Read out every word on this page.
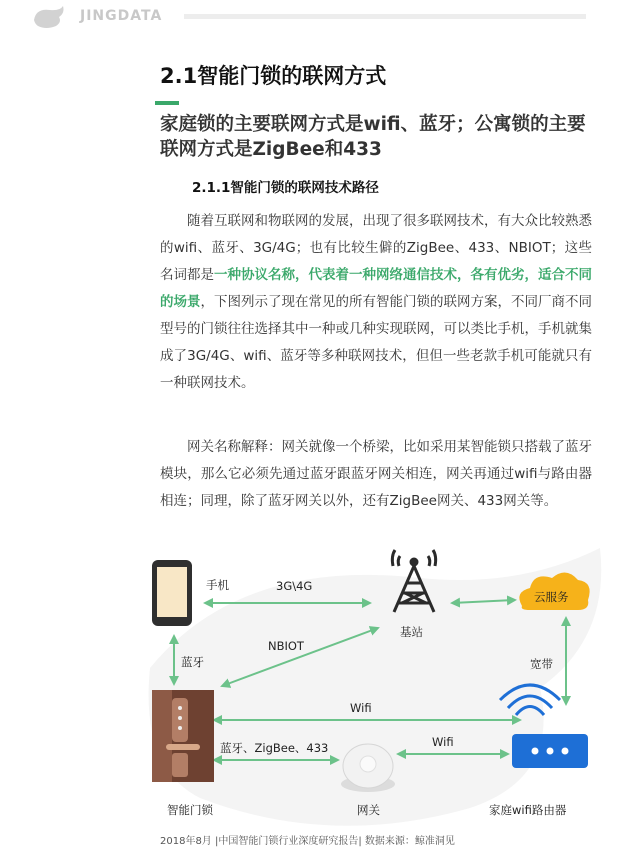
JINGDATA
2.1智能门锁的联网方式
家庭锁的主要联网方式是wifi、蓝牙；公寓锁的主要联网方式是ZigBee和433
2.1.1智能门锁的联网技术路径

随着互联网和物联网的发展，出现了很多联网技术，有大众比较熟悉的wifi、蓝牙、3G/4G；也有比较生僻的ZigBee、433、NBIOT；这些名词都是一种协议名称，代表着一种网络通信技术，各有优劣，适合不同的场景，下图列示了现在常见的所有智能门锁的联网方案，不同厂商不同型号的门锁往往选择其中一种或几种实现联网，可以类比手机，手机就集成了3G/4G、wifi、蓝牙等多种联网技术，但但一些老款手机可能就只有一种联网技术。

网关名称解释：网关就像一个桥梁，比如采用某智能锁只搭载了蓝牙模块，那么它必须先通过蓝牙跟蓝牙网关相连，网关再通过wifi与路由器相连；同理，除了蓝牙网关以外，还有ZigBee网关、433网关等。

手机
基站
云服务
智能门锁	网关	家庭wifi路由器
3G\4G
NBIOT
蓝牙	宽带
Wifi
蓝牙、ZigBee、433	Wifi
2018年8月 |中国智能门锁行业深度研究报告| 数据来源：鲸准洞见
